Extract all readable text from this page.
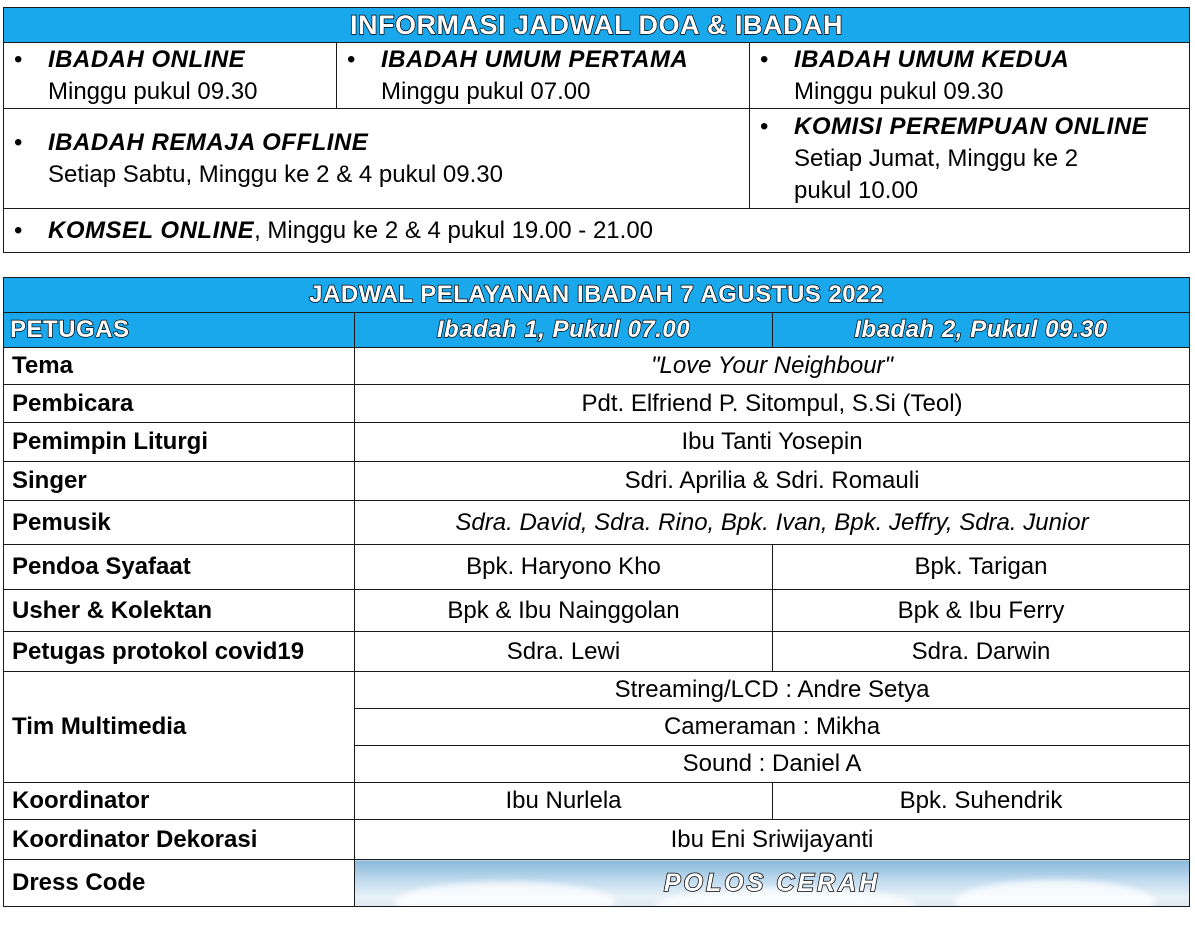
INFORMASI JADWAL DOA & IBADAH		

• IBADAH ONLINE
Minggu pukul 09.30	• IBADAH UMUM PERTAMA
Minggu pukul 07.00	• IBADAH UMUM KEDUA
Minggu pukul 09.30

• IBADAH REMAJA OFFLINE
Setiap Sabtu, Minggu ke 2 & 4 pukul 09.30		• KOMISI PEREMPUAN ONLINE
Setiap Jumat, Minggu ke 2
pukul 10.00

• KOMSEL ONLINE, Minggu ke 2 & 4 pukul 19.00 - 21.00		
JADWAL PELAYANAN IBADAH 7 AGUSTUS 2022		
PETUGAS	Ibadah 1, Pukul 07.00	Ibadah 2, Pukul 09.30
Tema	"Love Your Neighbour"	
Pembicara	Pdt. Elfriend P. Sitompul, S.Si (Teol)	
Pemimpin Liturgi	Ibu Tanti Yosepin	
Singer	Sdri. Aprilia & Sdri. Romauli	
Pemusik	Sdra. David, Sdra. Rino, Bpk. Ivan, Bpk. Jeffry, Sdra. Junior	
Pendoa Syafaat	Bpk. Haryono Kho	Bpk. Tarigan
Usher & Kolektan	Bpk & Ibu Nainggolan	Bpk & Ibu Ferry
Petugas protokol covid19	Sdra. Lewi	Sdra. Darwin
Tim Multimedia	Streaming/LCD : Andre Setya	
	Cameraman : Mikha	
	Sound : Daniel A	
Koordinator	Ibu Nurlela	Bpk. Suhendrik
Koordinator Dekorasi	Ibu Eni Sriwijayanti	
Dress Code	POLOS CERAH	
